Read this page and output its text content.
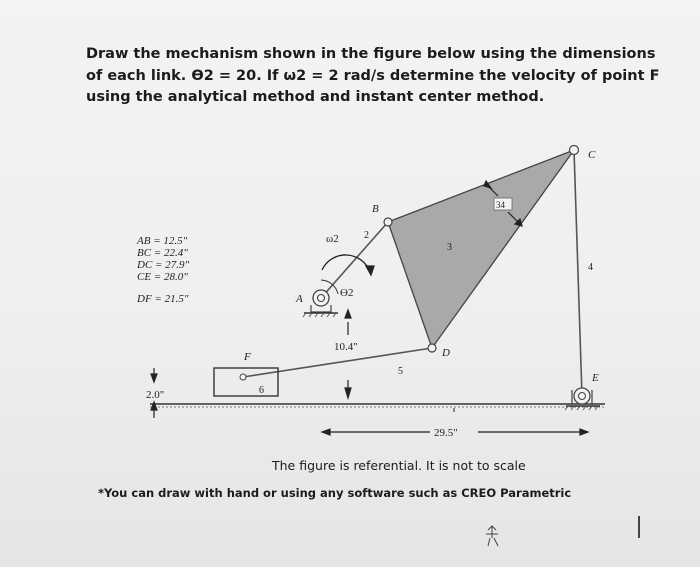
Draw the mechanism shown in the figure below using the dimensions
of each link. Ө2 = 20. If ω2 = 2 rad/s determine the velocity of point F
using the analytical method and instant center method.

AB = 12.5"
BC = 22.4"
DC = 27.9"
CE = 28.0"
DF = 21.5"
10.4"
2.0"
29.5"
B
C
D
E
F
A
2
3
4
5
6
34
ω2
Ө2
The figure is referential. It is not to scale
*You can draw with hand or using any software such as CREO Parametric
